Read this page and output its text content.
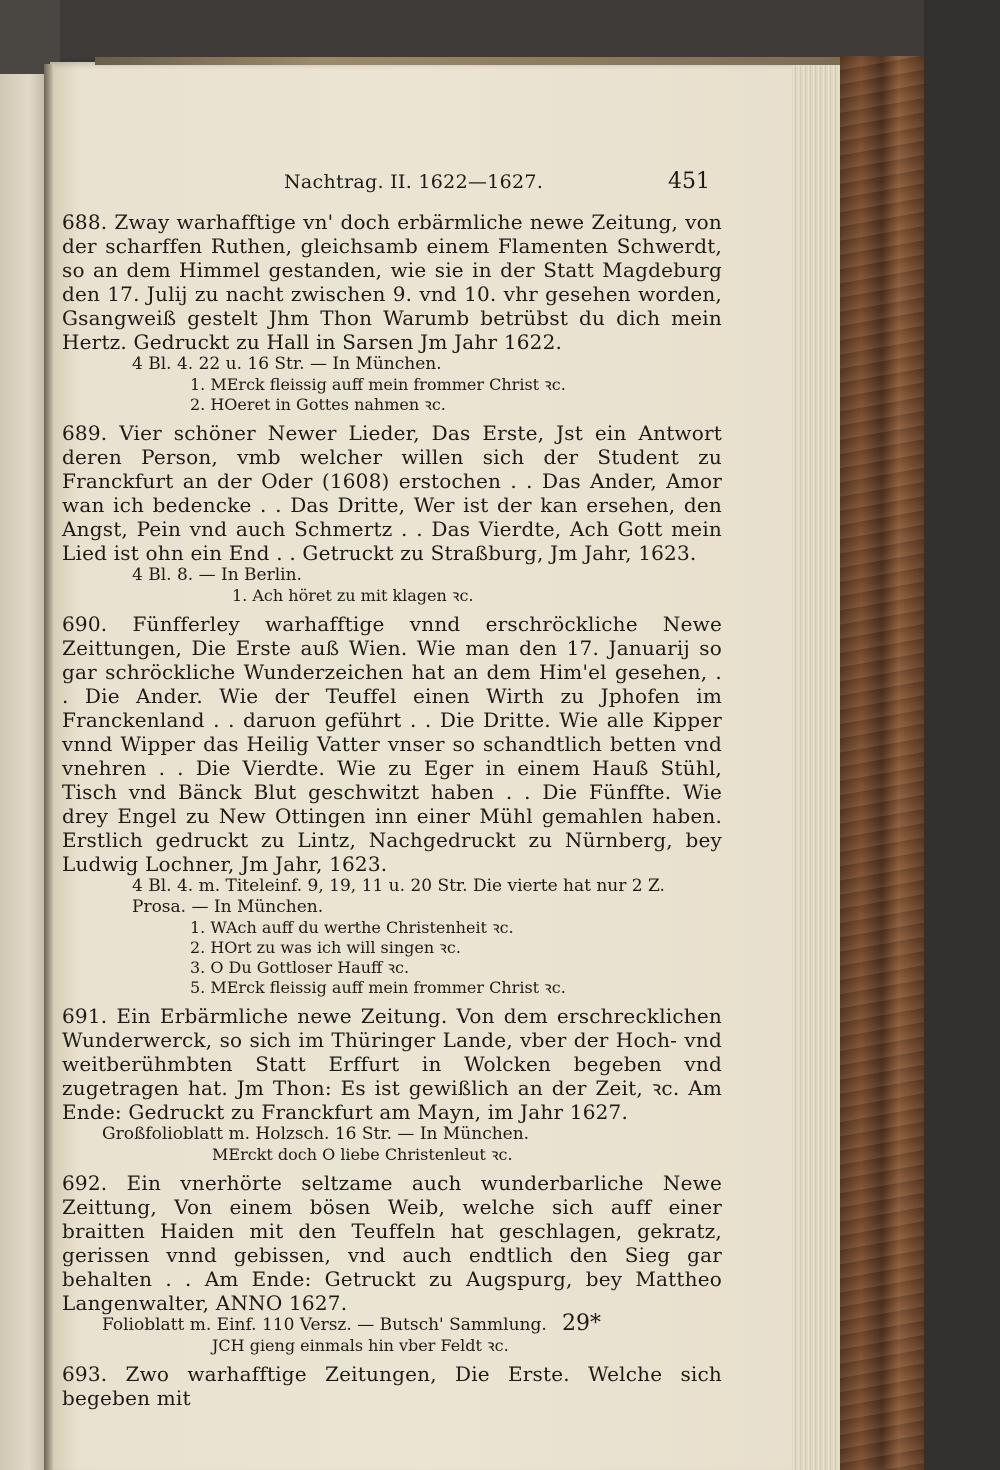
Nachtrag. II. 1622—1627.	451
688. Zway warhafftige vn' doch erbärmliche newe Zeitung, von der scharffen Ruthen, gleichsamb einem Flamenten Schwerdt, so an dem Himmel gestanden, wie sie in der Statt Magdeburg den 17. Julij zu nacht zwischen 9. vnd 10. vhr gesehen worden, Gsangweiß gestelt Jhm Thon Warumb betrübst du dich mein Hertz. Gedruckt zu Hall in Sarsen Jm Jahr 1622.
4 Bl. 4. 22 u. 16 Str. — In München.
1. MErck fleissig auff mein frommer Christ ꝛc.
2. HOeret in Gottes nahmen ꝛc.
689. Vier schöner Newer Lieder, Das Erste, Jst ein Antwort deren Person, vmb welcher willen sich der Student zu Franckfurt an der Oder (1608) erstochen . . Das Ander, Amor wan ich bedencke . . Das Dritte, Wer ist der kan ersehen, den Angst, Pein vnd auch Schmertz . . Das Vierdte, Ach Gott mein Lied ist ohn ein End . . Getruckt zu Straßburg, Jm Jahr, 1623.
4 Bl. 8. — In Berlin.
1. Ach höret zu mit klagen ꝛc.
690. Fünfferley warhafftige vnnd erschröckliche Newe Zeittungen, Die Erste auß Wien. Wie man den 17. Januarij so gar schröckliche Wunderzeichen hat an dem Him'el gesehen, . . Die Ander. Wie der Teuffel einen Wirth zu Jphofen im Franckenland . . daruon geführt . . Die Dritte. Wie alle Kipper vnnd Wipper das Heilig Vatter vnser so schandtlich betten vnd vnehren . . Die Vierdte. Wie zu Eger in einem Hauß Stühl, Tisch vnd Bänck Blut geschwitzt haben . . Die Fünffte. Wie drey Engel zu New Ottingen inn einer Mühl gemahlen haben. Erstlich gedruckt zu Lintz, Nachgedruckt zu Nürnberg, bey Ludwig Lochner, Jm Jahr, 1623.
4 Bl. 4. m. Titeleinf. 9, 19, 11 u. 20 Str. Die vierte hat nur 2 Z. Prosa. — In München.
1. WAch auff du werthe Christenheit ꝛc.
2. HOrt zu was ich will singen ꝛc.
3. O Du Gottloser Hauff ꝛc.
5. MErck fleissig auff mein frommer Christ ꝛc.
691. Ein Erbärmliche newe Zeitung. Von dem erschrecklichen Wunderwerck, so sich im Thüringer Lande, vber der Hoch- vnd weitberühmbten Statt Erffurt in Wolcken begeben vnd zugetragen hat. Jm Thon: Es ist gewißlich an der Zeit, ꝛc. Am Ende: Gedruckt zu Franckfurt am Mayn, im Jahr 1627.
Großfolioblatt m. Holzsch. 16 Str. — In München.
MErckt doch O liebe Christenleut ꝛc.
692. Ein vnerhörte seltzame auch wunderbarliche Newe Zeittung, Von einem bösen Weib, welche sich auff einer braitten Haiden mit den Teuffeln hat geschlagen, gekratz, gerissen vnnd gebissen, vnd auch endtlich den Sieg gar behalten . . Am Ende: Getruckt zu Augspurg, bey Mattheo Langenwalter, ANNO 1627.
Folioblatt m. Einf. 110 Versz. — Butsch' Sammlung.
JCH gieng einmals hin vber Feldt ꝛc.
693. Zwo warhafftige Zeitungen, Die Erste. Welche sich begeben mit
29*
